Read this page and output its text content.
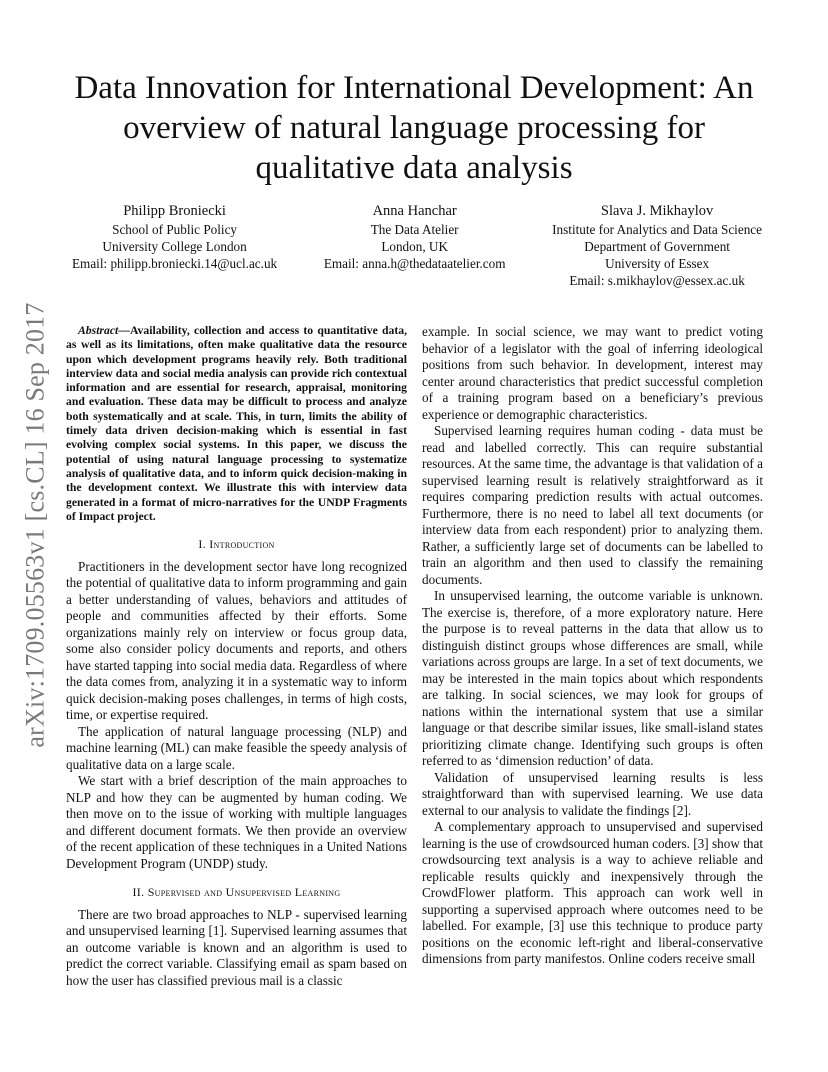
arXiv:1709.05563v1 [cs.CL] 16 Sep 2017
Data Innovation for International Development: An overview of natural language processing for qualitative data analysis
Philipp Broniecki
School of Public Policy
University College London
Email: philipp.broniecki.14@ucl.ac.uk
Anna Hanchar
The Data Atelier
London, UK
Email: anna.h@thedataatelier.com
Slava J. Mikhaylov
Institute for Analytics and Data Science
Department of Government
University of Essex
Email: s.mikhaylov@essex.ac.uk

Abstract—Availability, collection and access to quantitative data, as well as its limitations, often make qualitative data the resource upon which development programs heavily rely. Both traditional interview data and social media analysis can provide rich contextual information and are essential for research, appraisal, monitoring and evaluation. These data may be difficult to process and analyze both systematically and at scale. This, in turn, limits the ability of timely data driven decision-making which is essential in fast evolving complex social systems. In this paper, we discuss the potential of using natural language processing to systematize analysis of qualitative data, and to inform quick decision-making in the development context. We illustrate this with interview data generated in a format of micro-narratives for the UNDP Fragments of Impact project.

I. Introduction

Practitioners in the development sector have long recognized the potential of qualitative data to inform programming and gain a better understanding of values, behaviors and attitudes of people and communities affected by their efforts. Some organizations mainly rely on interview or focus group data, some also consider policy documents and reports, and others have started tapping into social media data. Regardless of where the data comes from, analyzing it in a systematic way to inform quick decision-making poses challenges, in terms of high costs, time, or expertise required.

The application of natural language processing (NLP) and machine learning (ML) can make feasible the speedy analysis of qualitative data on a large scale.

We start with a brief description of the main approaches to NLP and how they can be augmented by human coding. We then move on to the issue of working with multiple languages and different document formats. We then provide an overview of the recent application of these techniques in a United Nations Development Program (UNDP) study.

II. Supervised and Unsupervised Learning

There are two broad approaches to NLP - supervised learning and unsupervised learning [1]. Supervised learning assumes that an outcome variable is known and an algorithm is used to predict the correct variable. Classifying email as spam based on how the user has classified previous mail is a classic

example. In social science, we may want to predict voting behavior of a legislator with the goal of inferring ideological positions from such behavior. In development, interest may center around characteristics that predict successful completion of a training program based on a beneficiary’s previous experience or demographic characteristics.

Supervised learning requires human coding - data must be read and labelled correctly. This can require substantial resources. At the same time, the advantage is that validation of a supervised learning result is relatively straightforward as it requires comparing prediction results with actual outcomes. Furthermore, there is no need to label all text documents (or interview data from each respondent) prior to analyzing them. Rather, a sufficiently large set of documents can be labelled to train an algorithm and then used to classify the remaining documents.

In unsupervised learning, the outcome variable is unknown. The exercise is, therefore, of a more exploratory nature. Here the purpose is to reveal patterns in the data that allow us to distinguish distinct groups whose differences are small, while variations across groups are large. In a set of text documents, we may be interested in the main topics about which respondents are talking. In social sciences, we may look for groups of nations within the international system that use a similar language or that describe similar issues, like small-island states prioritizing climate change. Identifying such groups is often referred to as ‘dimension reduction’ of data.

Validation of unsupervised learning results is less straightforward than with supervised learning. We use data external to our analysis to validate the findings [2].

A complementary approach to unsupervised and supervised learning is the use of crowdsourced human coders. [3] show that crowdsourcing text analysis is a way to achieve reliable and replicable results quickly and inexpensively through the CrowdFlower platform. This approach can work well in supporting a supervised approach where outcomes need to be labelled. For example, [3] use this technique to produce party positions on the economic left-right and liberal-conservative dimensions from party manifestos. Online coders receive small
